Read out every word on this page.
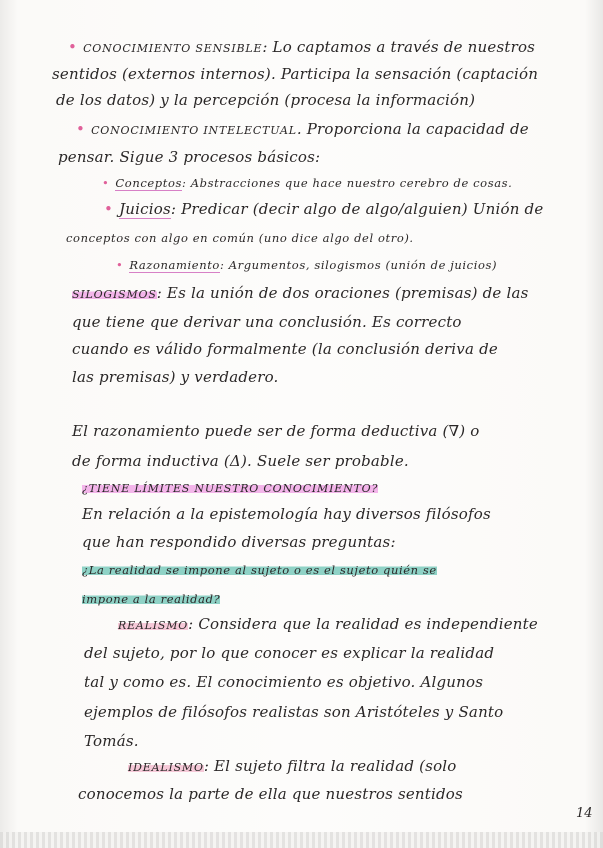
• CONOCIMIENTO SENSIBLE: Lo captamos a través de nuestros
sentidos (externos internos). Participa la sensación (captación
de los datos) y la percepción (procesa la información)
• CONOCIMIENTO INTELECTUAL. Proporciona la capacidad de
pensar. Sigue 3 procesos básicos:
• Conceptos: Abstracciones que hace nuestro cerebro de cosas.
• Juicios: Predicar (decir algo de algo/alguien) Unión de
conceptos con algo en común (uno dice algo del otro).
• Razonamiento: Argumentos, silogismos (unión de juicios)
SILOGISMOS: Es la unión de dos oraciones (premisas) de las
que tiene que derivar una conclusión. Es correcto
cuando es válido formalmente (la conclusión deriva de
las premisas) y verdadero.
El razonamiento puede ser de forma deductiva (∇) o
de forma inductiva (Δ). Suele ser probable.
¿TIENE LÍMITES NUESTRO CONOCIMIENTO?
En relación a la epistemología hay diversos filósofos
que han respondido diversas preguntas:
¿La realidad se impone al sujeto o es el sujeto quién se
impone a la realidad?
REALISMO: Considera que la realidad es independiente
del sujeto, por lo que conocer es explicar la realidad
tal y como es. El conocimiento es objetivo. Algunos
ejemplos de filósofos realistas son Aristóteles y Santo
Tomás.
IDEALISMO: El sujeto filtra la realidad (solo
conocemos la parte de ella que nuestros sentidos
14
